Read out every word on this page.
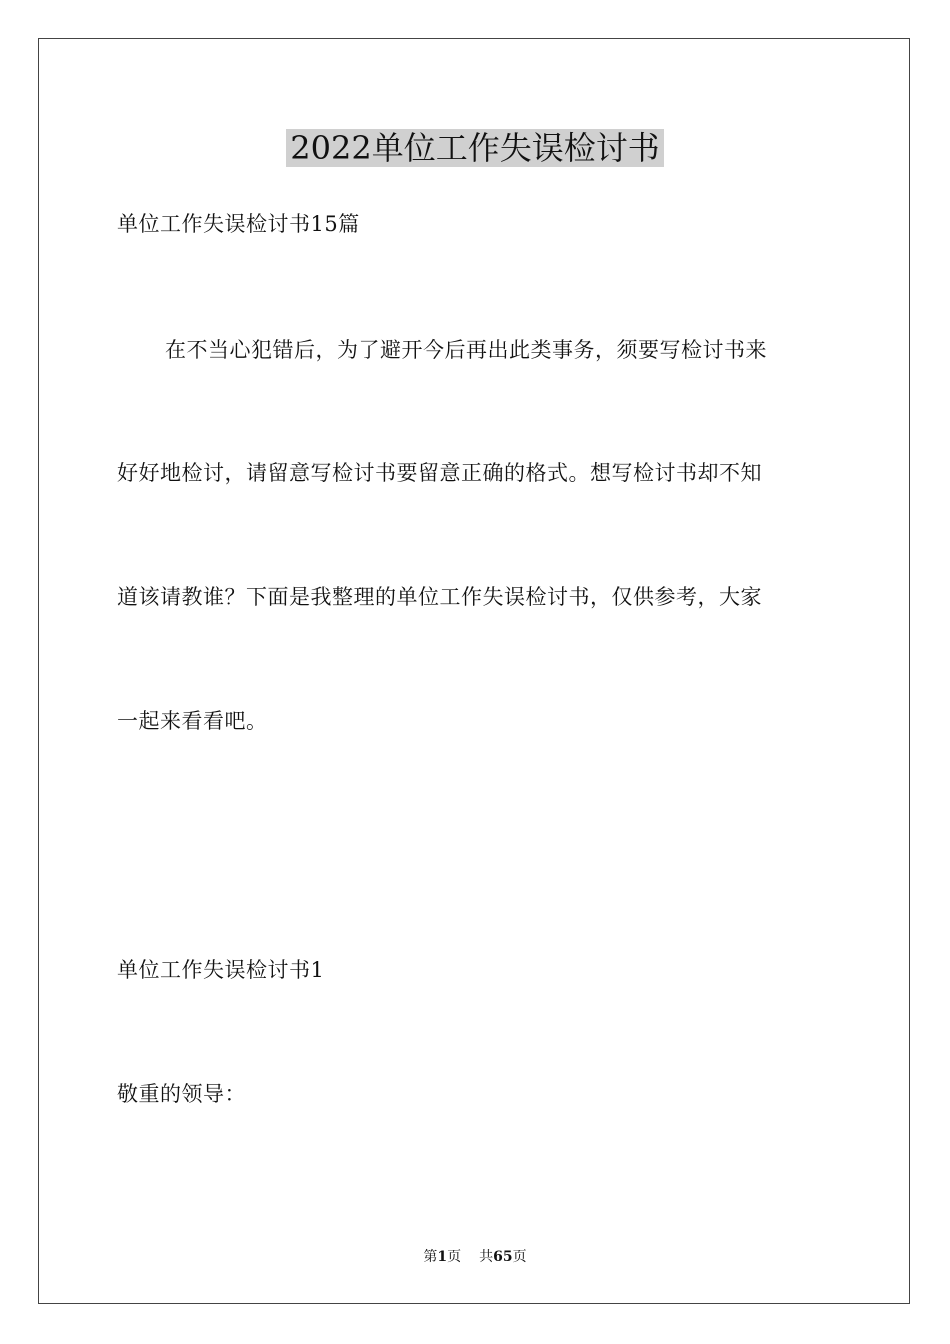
2022单位工作失误检讨书

单位工作失误检讨书15篇

在不当心犯错后，为了避开今后再出此类事务，须要写检讨书来

好好地检讨，请留意写检讨书要留意正确的格式。想写检讨书却不知

道该请教谁？下面是我整理的单位工作失误检讨书，仅供参考，大家

一起来看看吧。

单位工作失误检讨书1

敬重的领导：

第1页 共65页
